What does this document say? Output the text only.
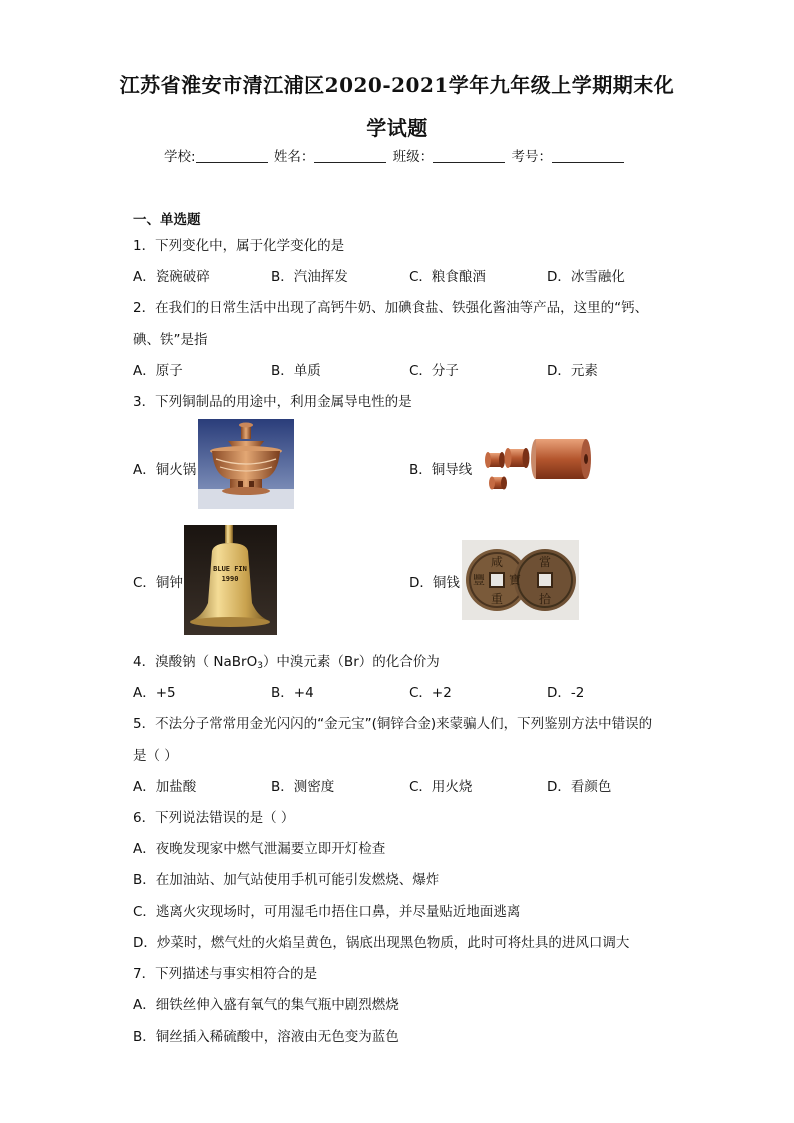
江苏省淮安市清江浦区2020-2021学年九年级上学期期末化
学试题
学校:	姓名：	班级：	考号：
一、单选题
1．下列变化中，属于化学变化的是
A．瓷碗破碎	B．汽油挥发	C．粮食酿酒	D．冰雪融化
2．在我们的日常生活中出现了高钙牛奶、加碘食盐、铁强化酱油等产品，这里的“钙、
碘、铁”是指
A．原子	B．单质	C．分子	D．元素
3．下列铜制品的用途中，利用金属导电性的是
A．铜火锅	B．铜导线
C．铜钟
BLUE FIN
1990	D．铜钱
咸
重
豐 寶
當
拾
4．溴酸钠（ NaBrO$_3$）中溴元素（Br）的化合价为
A．+5	B．+4	C．+2	D．-2
5．不法分子常常用金光闪闪的“金元宝”(铜锌合金)来蒙骗人们，下列鉴别方法中错误的
是（ ）
A．加盐酸	B．测密度	C．用火烧	D．看颜色
6．下列说法错误的是（ ）
A．夜晚发现家中燃气泄漏要立即开灯检查
B．在加油站、加气站使用手机可能引发燃烧、爆炸
C．逃离火灾现场时，可用湿毛巾捂住口鼻，并尽量贴近地面逃离
D．炒菜时，燃气灶的火焰呈黄色，锅底出现黑色物质，此时可将灶具的进风口调大
7．下列描述与事实相符合的是
A．细铁丝伸入盛有氧气的集气瓶中剧烈燃烧
B．铜丝插入稀硫酸中，溶液由无色变为蓝色
